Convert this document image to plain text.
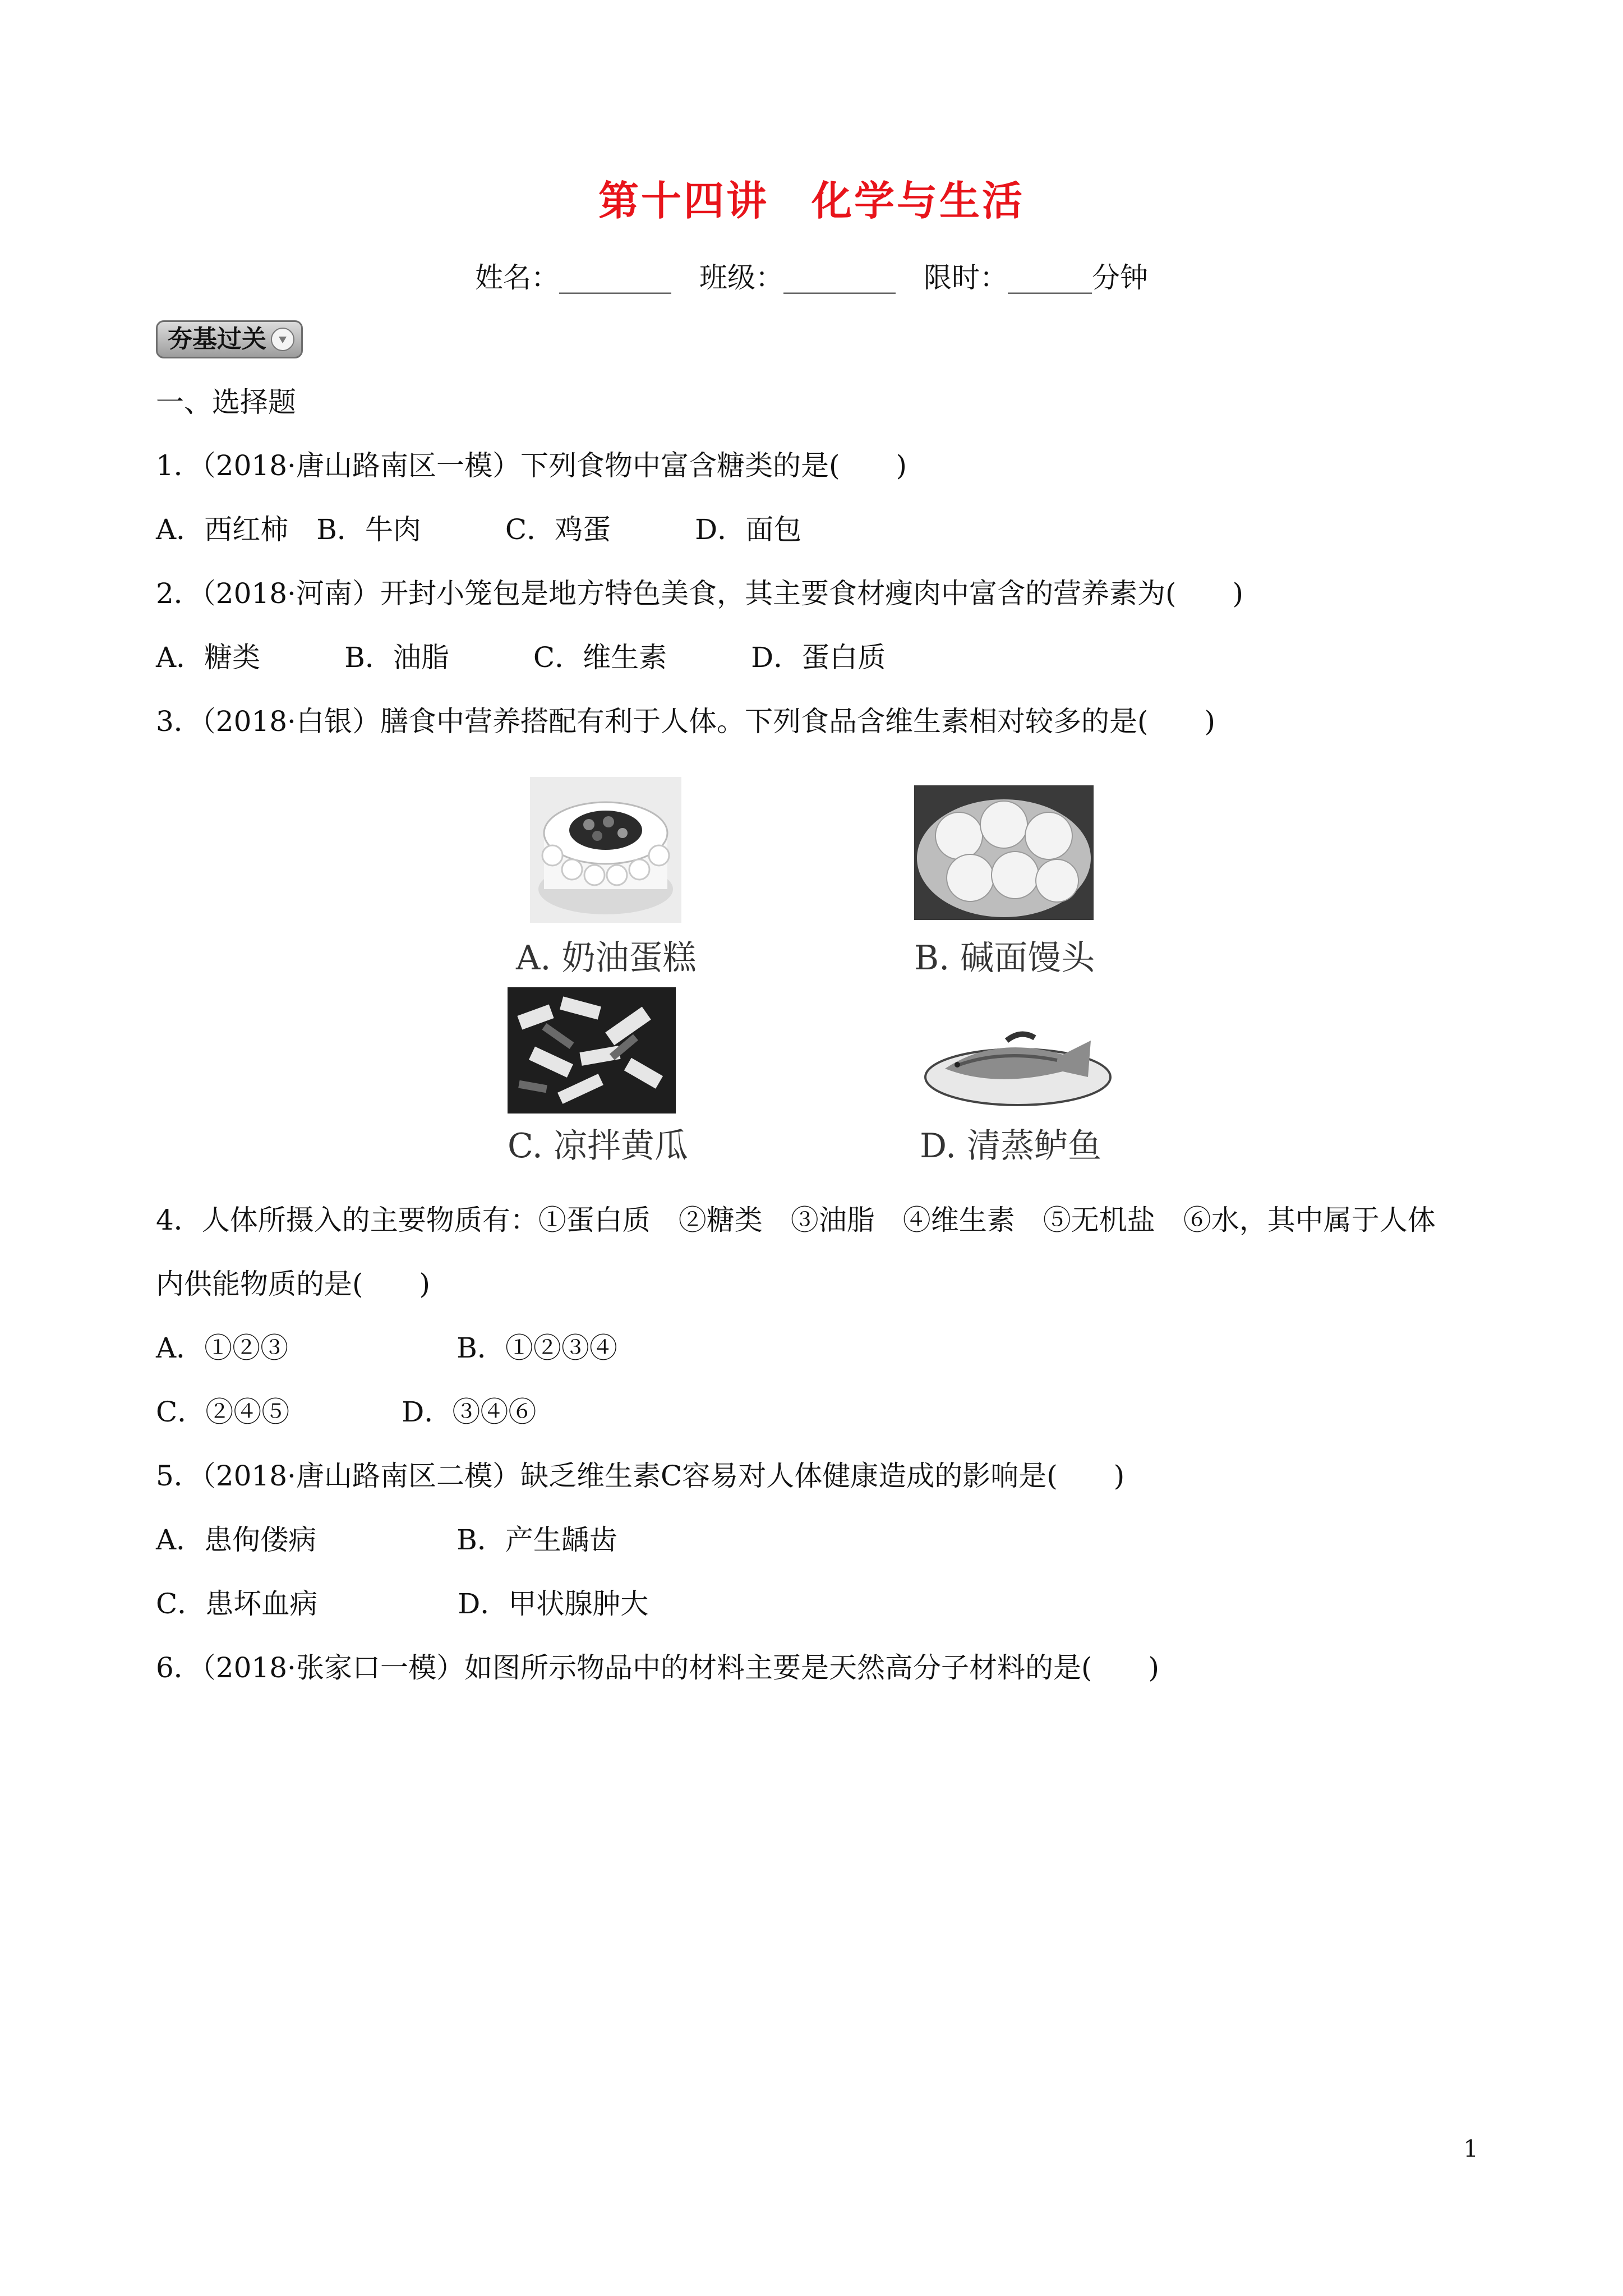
第十四讲　化学与生活
姓名：________　班级：________　限时：______分钟
夯基过关
一、选择题
1．（2018·唐山路南区一模）下列食物中富含糖类的是(　　)
A．西红柿　B．牛肉　　　C．鸡蛋　　　D．面包
2．（2018·河南）开封小笼包是地方特色美食，其主要食材瘦肉中富含的营养素为(　　)
A．糖类　　　B．油脂　　　C．维生素　　　D．蛋白质
3．（2018·白银）膳食中营养搭配有利于人体。下列食品含维生素相对较多的是(　　)
A. 奶油蛋糕	B. 碱面馒头
C. 凉拌黄瓜	D. 清蒸鲈鱼
4．人体所摄入的主要物质有：①蛋白质　②糖类　③油脂　④维生素　⑤无机盐　⑥水，其中属于人体
内供能物质的是(　　)
A．①②③　　　　　　B．①②③④
C．②④⑤　　　　D．③④⑥
5．（2018·唐山路南区二模）缺乏维生素C容易对人体健康造成的影响是(　　)
A．患佝偻病　　　　　B．产生龋齿
C．患坏血病　　　　　D．甲状腺肿大
6．（2018·张家口一模）如图所示物品中的材料主要是天然高分子材料的是(　　)
1
